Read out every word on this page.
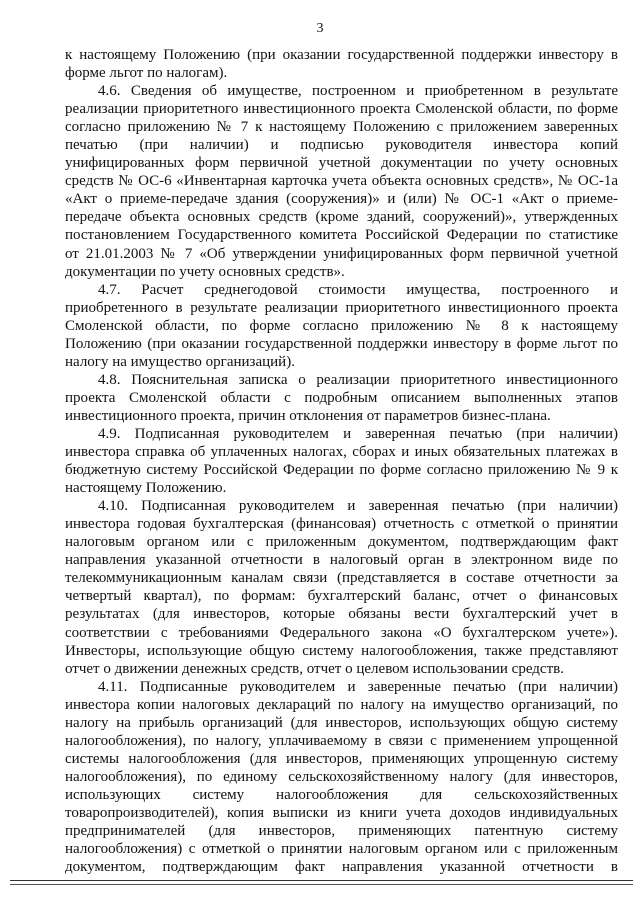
3
к настоящему Положению (при оказании государственной поддержки инвестору в
форме льгот по налогам).
4.6. Сведения об имуществе, построенном и приобретенном в результате
реализации приоритетного инвестиционного проекта Смоленской области, по форме
согласно приложению № 7 к настоящему Положению с приложением заверенных
печатью (при наличии) и подписью руководителя инвестора копий
унифицированных форм первичной учетной документации по учету основных
средств № ОС-6 «Инвентарная карточка учета объекта основных средств», № ОС-1а
«Акт о приеме-передаче здания (сооружения)» и (или) № ОС-1 «Акт о приеме-
передаче объекта основных средств (кроме зданий, сооружений)», утвержденных
постановлением Государственного комитета Российской Федерации по статистике
от 21.01.2003 № 7 «Об утверждении унифицированных форм первичной учетной
документации по учету основных средств».
4.7. Расчет среднегодовой стоимости имущества, построенного и
приобретенного в результате реализации приоритетного инвестиционного проекта
Смоленской области, по форме согласно приложению № 8 к настоящему
Положению (при оказании государственной поддержки инвестору в форме льгот по
налогу на имущество организаций).
4.8. Пояснительная записка о реализации приоритетного инвестиционного
проекта Смоленской области с подробным описанием выполненных этапов
инвестиционного проекта, причин отклонения от параметров бизнес-плана.
4.9. Подписанная руководителем и заверенная печатью (при наличии)
инвестора справка об уплаченных налогах, сборах и иных обязательных платежах в
бюджетную систему Российской Федерации по форме согласно приложению № 9 к
настоящему Положению.
4.10. Подписанная руководителем и заверенная печатью (при наличии)
инвестора годовая бухгалтерская (финансовая) отчетность с отметкой о принятии
налоговым органом или с приложенным документом, подтверждающим факт
направления указанной отчетности в налоговый орган в электронном виде по
телекоммуникационным каналам связи (представляется в составе отчетности за
четвертый квартал), по формам: бухгалтерский баланс, отчет о финансовых
результатах (для инвесторов, которые обязаны вести бухгалтерский учет в
соответствии с требованиями Федерального закона «О бухгалтерском учете»).
Инвесторы, использующие общую систему налогообложения, также представляют
отчет о движении денежных средств, отчет о целевом использовании средств.
4.11. Подписанные руководителем и заверенные печатью (при наличии)
инвестора копии налоговых деклараций по налогу на имущество организаций, по
налогу на прибыль организаций (для инвесторов, использующих общую систему
налогообложения), по налогу, уплачиваемому в связи с применением упрощенной
системы налогообложения (для инвесторов, применяющих упрощенную систему
налогообложения), по единому сельскохозяйственному налогу (для инвесторов,
использующих систему налогообложения для сельскохозяйственных
товаропроизводителей), копия выписки из книги учета доходов индивидуальных
предпринимателей (для инвесторов, применяющих патентную систему
налогообложения) с отметкой о принятии налоговым органом или с приложенным
документом, подтверждающим факт направления указанной отчетности в
